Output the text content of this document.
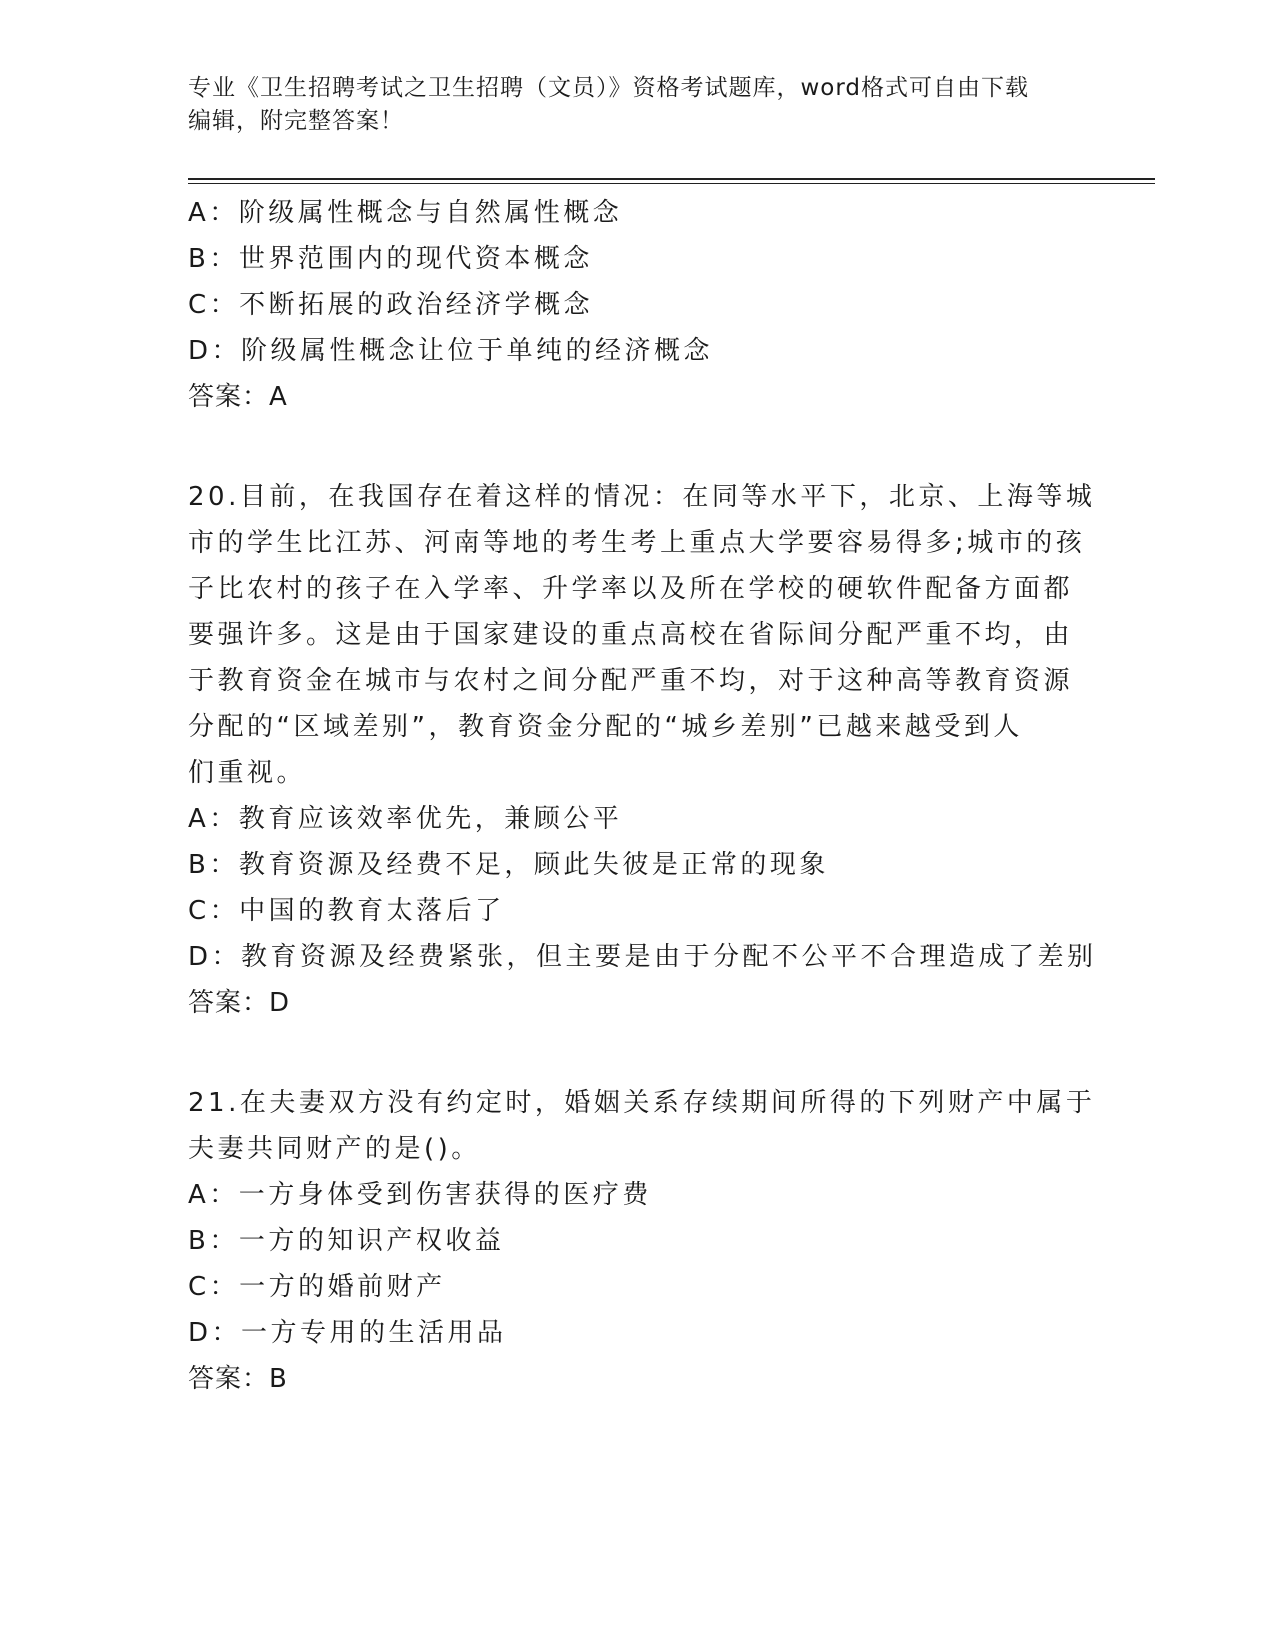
专业《卫生招聘考试之卫生招聘（文员）》资格考试题库，word格式可自由下载
编辑，附完整答案！
A：阶级属性概念与自然属性概念
B：世界范围内的现代资本概念
C：不断拓展的政治经济学概念
D：阶级属性概念让位于单纯的经济概念
答案：A
20.目前，在我国存在着这样的情况：在同等水平下，北京、上海等城
市的学生比江苏、河南等地的考生考上重点大学要容易得多;城市的孩
子比农村的孩子在入学率、升学率以及所在学校的硬软件配备方面都
要强许多。这是由于国家建设的重点高校在省际间分配严重不均，由
于教育资金在城市与农村之间分配严重不均，对于这种高等教育资源
分配的“区域差别”，教育资金分配的“城乡差别”已越来越受到人
们重视。
A：教育应该效率优先，兼顾公平
B：教育资源及经费不足，顾此失彼是正常的现象
C：中国的教育太落后了
D：教育资源及经费紧张，但主要是由于分配不公平不合理造成了差别
答案：D
21.在夫妻双方没有约定时，婚姻关系存续期间所得的下列财产中属于
夫妻共同财产的是()。
A：一方身体受到伤害获得的医疗费
B：一方的知识产权收益
C：一方的婚前财产
D：一方专用的生活用品
答案：B
